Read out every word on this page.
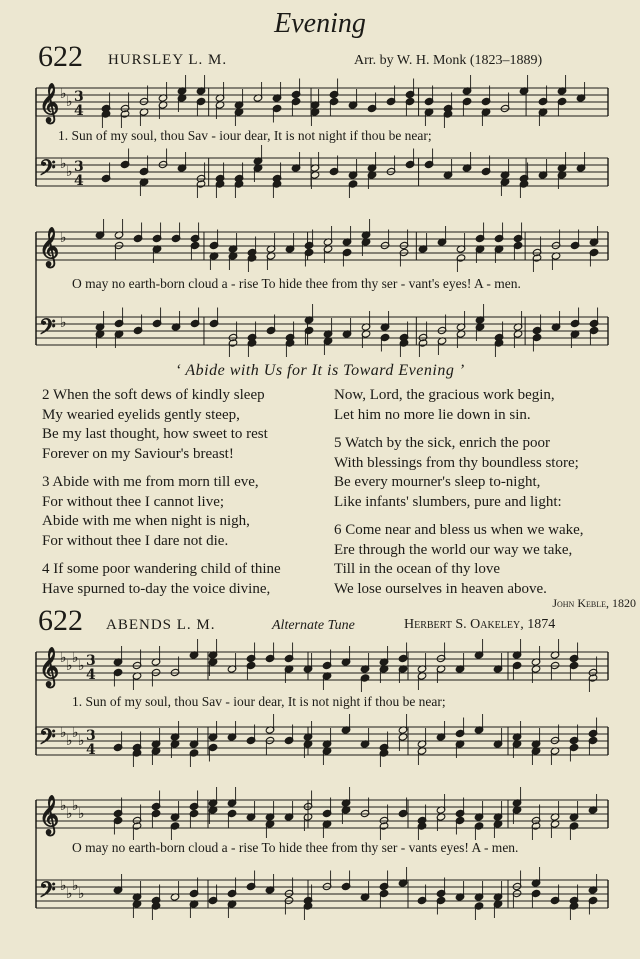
Evening
622 HURSLEY L. M.	Arr. by W. H. Monk (1823–1889)
𝄞 ♭ ♭ 3
4
𝄢 ♭ ♭ 3
4
1. Sun of my soul, thou Sav - iour dear, It is not night if thou be near;
𝄞 ♭
𝄢 ♭
O may no earth-born cloud a - rise To hide thee from thy ser - vant's eyes! A - men.
‘ Abide with Us for It is Toward Evening ’
2 When the soft dews of kindly sleep
My wearied eyelids gently steep,
Be my last thought, how sweet to rest
Forever on my Saviour's breast!
3 Abide with me from morn till eve,
For without thee I cannot live;
Abide with me when night is nigh,
For without thee I dare not die.
4 If some poor wandering child of thine
Have spurned to-day the voice divine,
Now, Lord, the gracious work begin,
Let him no more lie down in sin.
5 Watch by the sick, enrich the poor
With blessings from thy boundless store;
Be every mourner's sleep to-night,
Like infants' slumbers, pure and light:
6 Come near and bless us when we wake,
Ere through the world our way we take,
Till in the ocean of thy love
We lose ourselves in heaven above.
John Keble, 1820
622 ABENDS L. M.	Alternate Tune	Herbert S. Oakeley, 1874
𝄞 ♭ ♭ ♭ ♭ 3
4
𝄢 ♭ ♭ ♭ ♭ 3
4
1. Sun of my soul, thou Sav - iour dear, It is not night if thou be near;
𝄞 ♭ ♭ ♭ ♭
𝄢 ♭ ♭ ♭ ♭
O may no earth-born cloud a - rise To hide thee from thy ser - vants eyes! A - men.
